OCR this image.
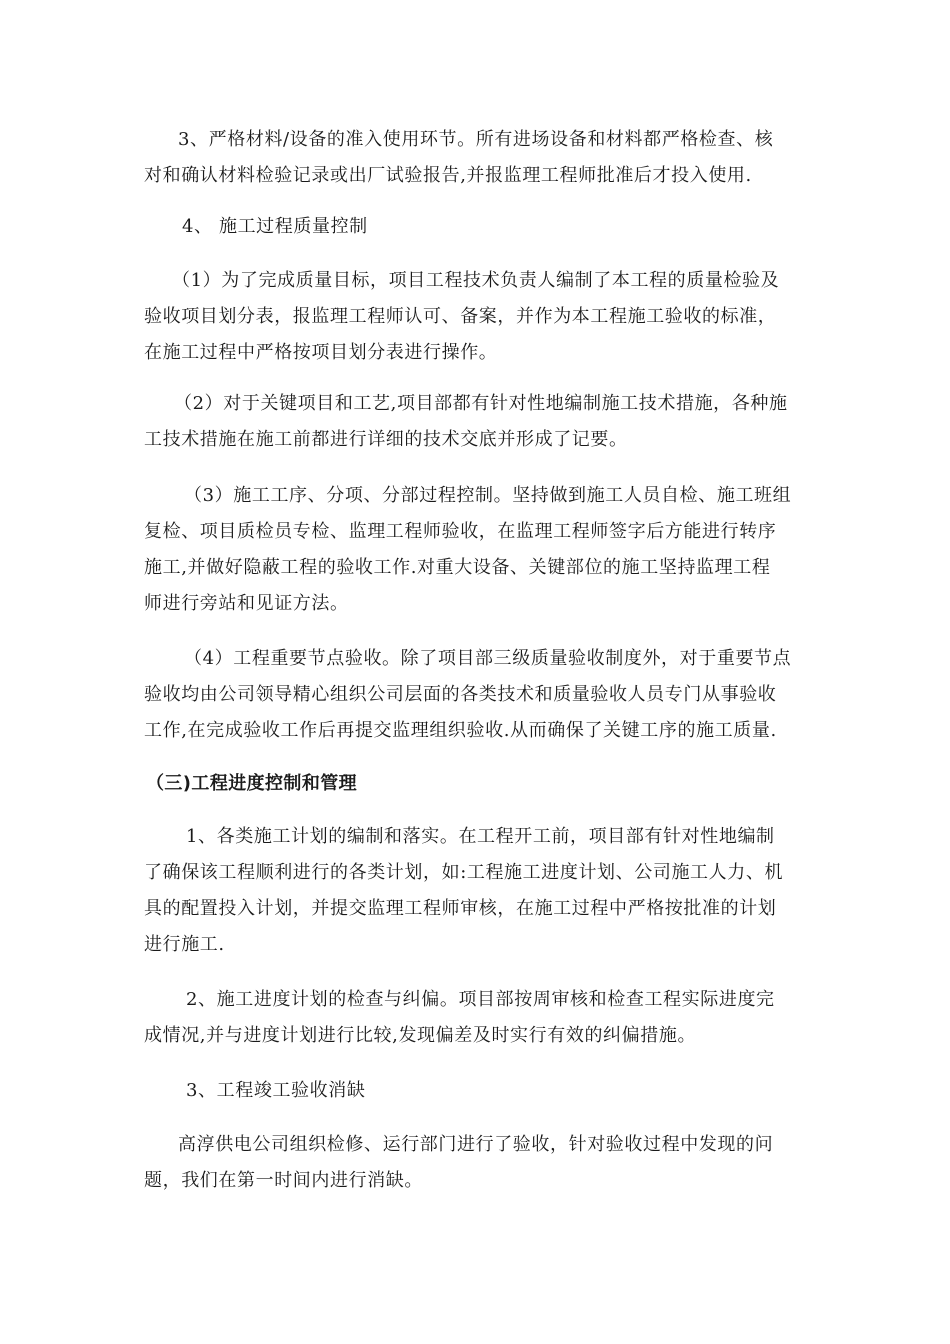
3、严格材料/设备的准入使用环节。所有进场设备和材料都严格检查、核
对和确认材料检验记录或出厂试验报告,并报监理工程师批准后才投入使用.
4、 施工过程质量控制
（1）为了完成质量目标，项目工程技术负责人编制了本工程的质量检验及
验收项目划分表，报监理工程师认可、备案，并作为本工程施工验收的标准，
在施工过程中严格按项目划分表进行操作。
（2）对于关键项目和工艺,项目部都有针对性地编制施工技术措施，各种施
工技术措施在施工前都进行详细的技术交底并形成了记要。
（3）施工工序、分项、分部过程控制。坚持做到施工人员自检、施工班组
复检、项目质检员专检、监理工程师验收，在监理工程师签字后方能进行转序
施工,并做好隐蔽工程的验收工作.对重大设备、关键部位的施工坚持监理工程
师进行旁站和见证方法。
（4）工程重要节点验收。除了项目部三级质量验收制度外，对于重要节点
验收均由公司领导精心组织公司层面的各类技术和质量验收人员专门从事验收
工作,在完成验收工作后再提交监理组织验收.从而确保了关键工序的施工质量.
（三)工程进度控制和管理
1、各类施工计划的编制和落实。在工程开工前，项目部有针对性地编制
了确保该工程顺利进行的各类计划，如:工程施工进度计划、公司施工人力、机
具的配置投入计划，并提交监理工程师审核，在施工过程中严格按批准的计划
进行施工.
2、施工进度计划的检查与纠偏。项目部按周审核和检查工程实际进度完
成情况,并与进度计划进行比较,发现偏差及时实行有效的纠偏措施。
3、工程竣工验收消缺
高淳供电公司组织检修、运行部门进行了验收，针对验收过程中发现的问
题，我们在第一时间内进行消缺。
